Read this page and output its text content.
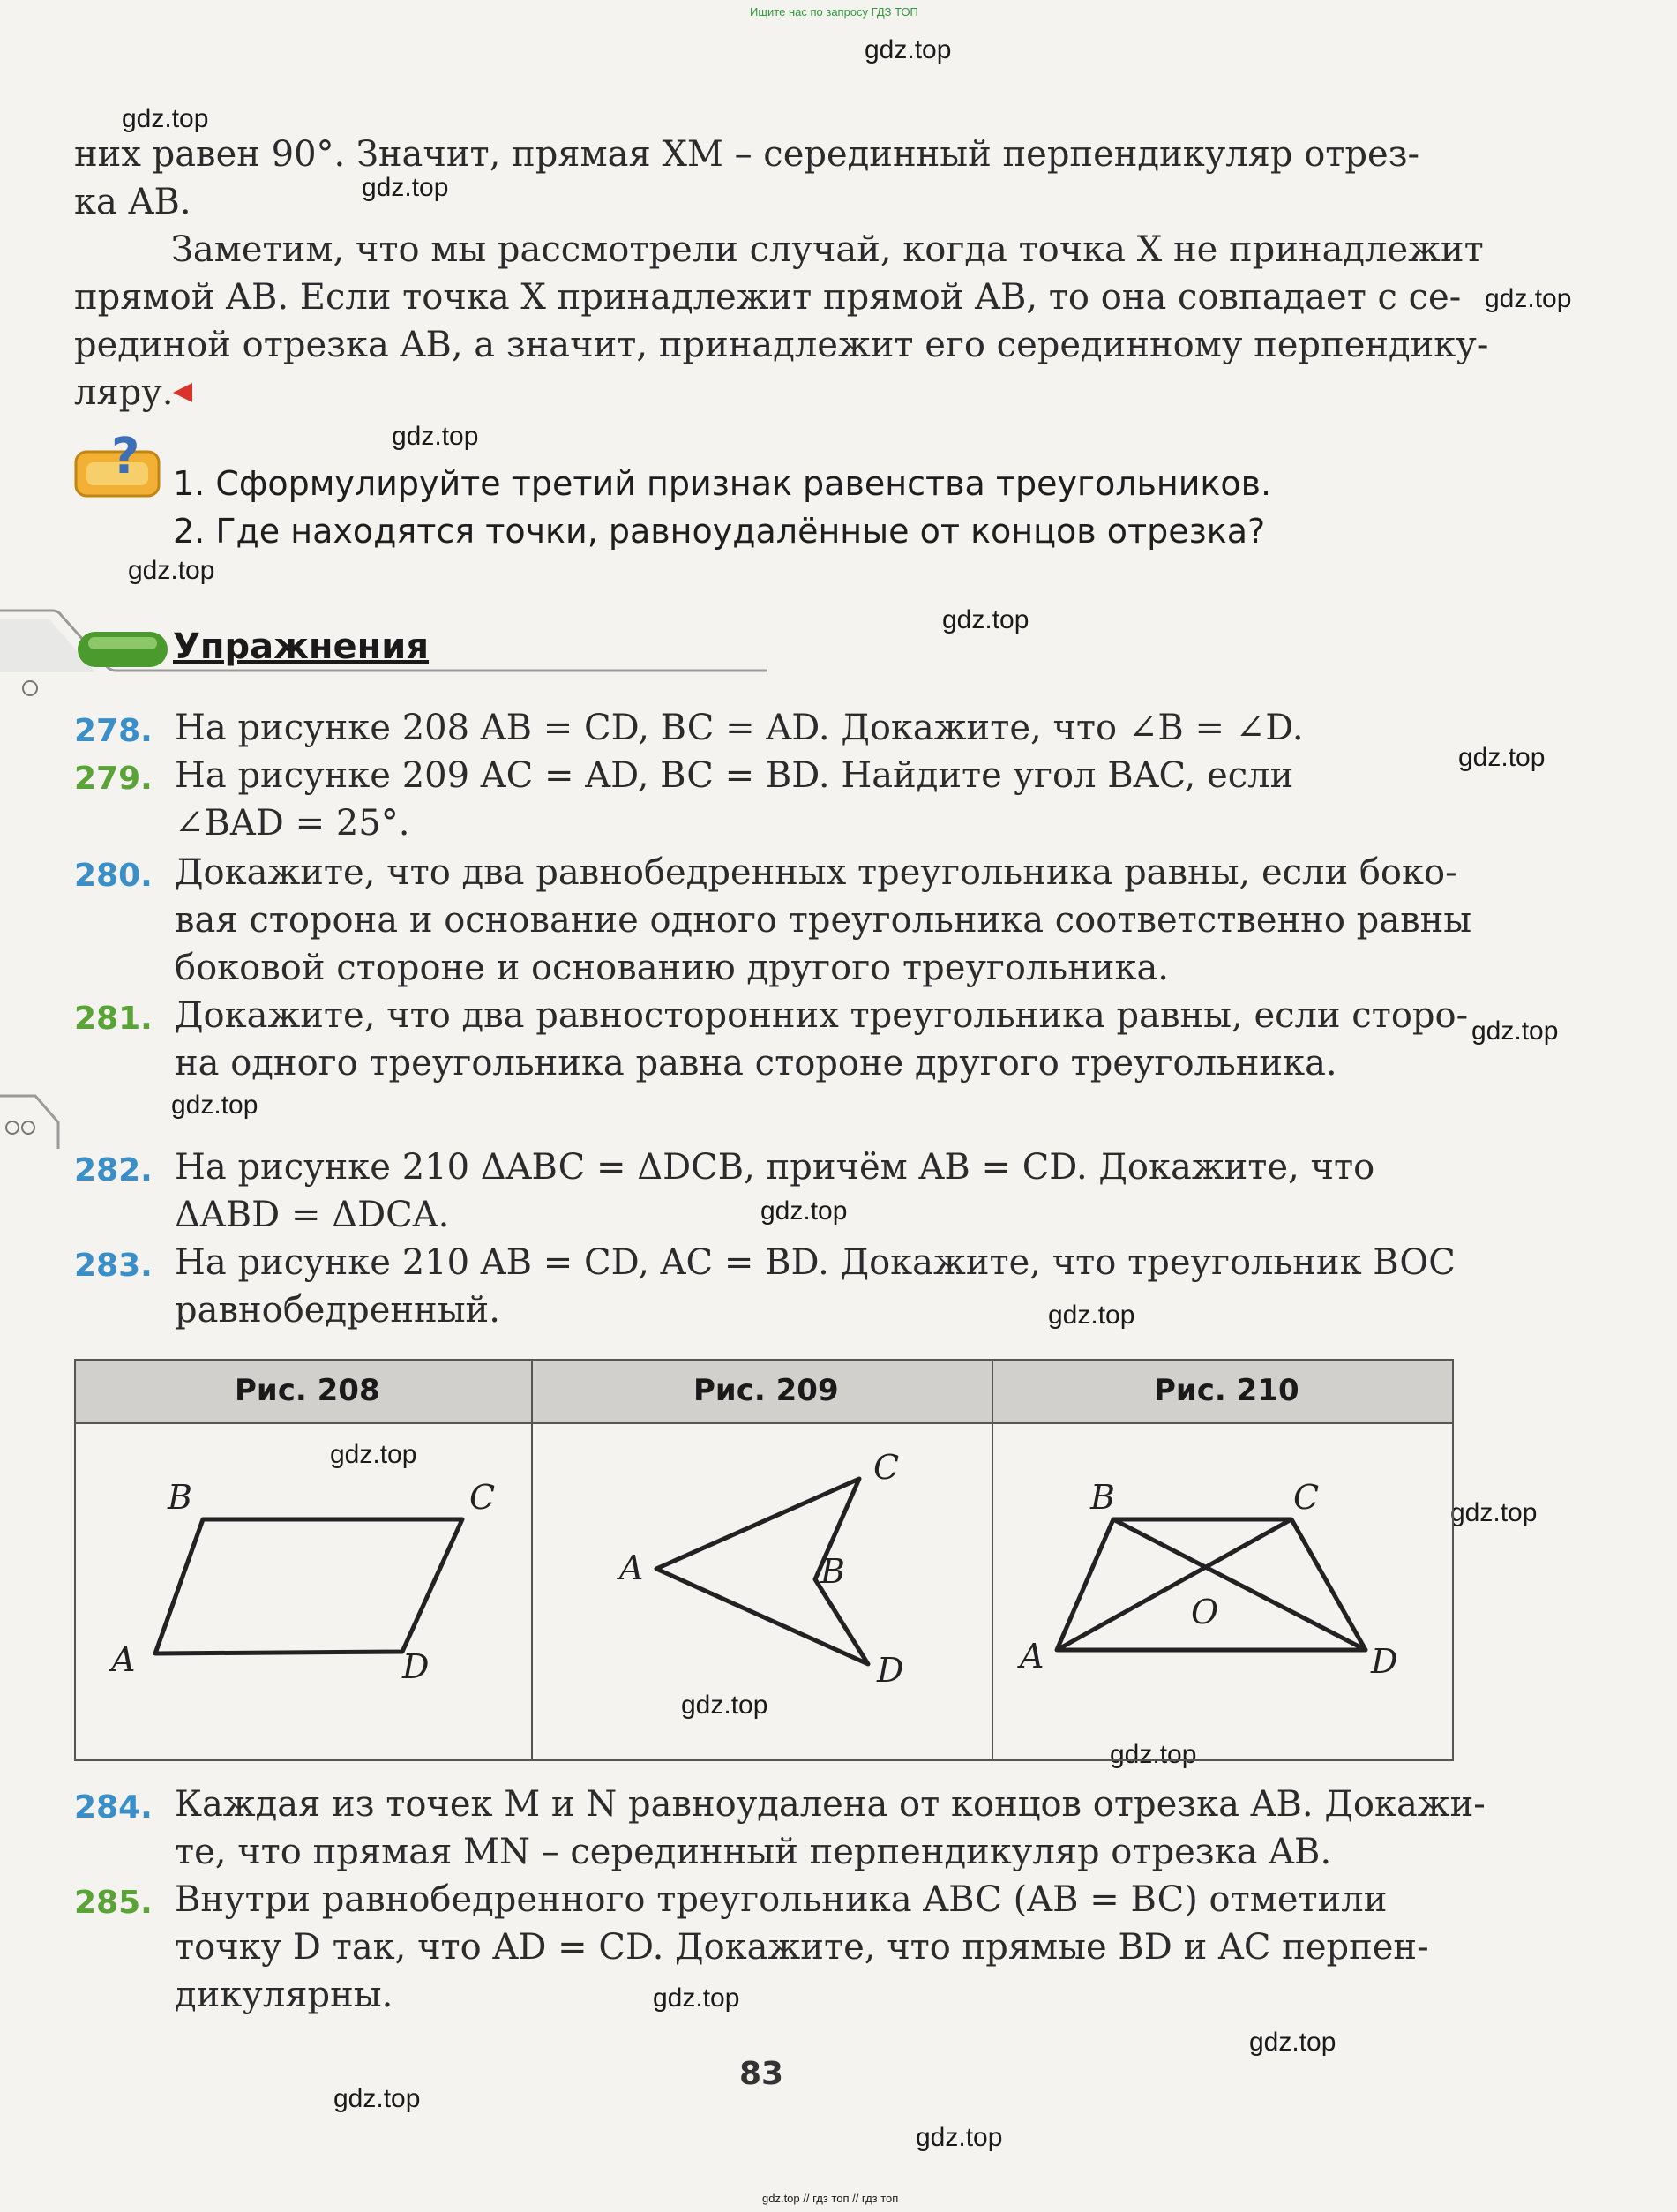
Ищите нас по запросу ГДЗ ТОП
gdz.top
gdz.top
gdz.top
gdz.top
gdz.top
gdz.top
gdz.top
gdz.top
gdz.top
gdz.top
gdz.top
gdz.top
gdz.top
gdz.top
gdz.top
gdz.top
gdz.top
gdz.top
gdz.top
gdz.top
них равен 90°. Значит, прямая XM – серединный перпендикуляр отрез-
ка AB.
Заметим, что мы рассмотрели случай, когда точка X не принадлежит
прямой AB. Если точка X принадлежит прямой AB, то она совпадает с се-
рединой отрезка AB, а значит, принадлежит его серединному перпендику-
ляру.
? 1. Сформулируйте третий признак равенства треугольников.
2. Где находятся точки, равноудалённые от концов отрезка?
Упражнения
278. На рисунке 208 AB = CD, BC = AD. Докажите, что ∠B = ∠D.
279. На рисунке 209 AC = AD, BC = BD. Найдите угол BAC, если
∠BAD = 25°.
280. Докажите, что два равнобедренных треугольника равны, если боко-
вая сторона и основание одного треугольника соответственно равны
боковой стороне и основанию другого треугольника.
281. Докажите, что два равносторонних треугольника равны, если сторо-
на одного треугольника равна стороне другого треугольника.
282. На рисунке 210 ΔABC = ΔDCB, причём AB = CD. Докажите, что
ΔABD = ΔDCA.
283. На рисунке 210 AB = CD, AC = BD. Докажите, что треугольник BOC
равнобедренный.
Рис. 208	Рис. 209	Рис. 210
A
B	C
D
A	B
C
D	A
B	C
D
O
284. Каждая из точек M и N равноудалена от концов отрезка AB. Докажи-
те, что прямая MN – серединный перпендикуляр отрезка AB.
285. Внутри равнобедренного треугольника ABC (AB = BC) отметили
точку D так, что AD = CD. Докажите, что прямые BD и AC перпен-
дикулярны.
83
gdz.top // гдз топ // гдз топ
